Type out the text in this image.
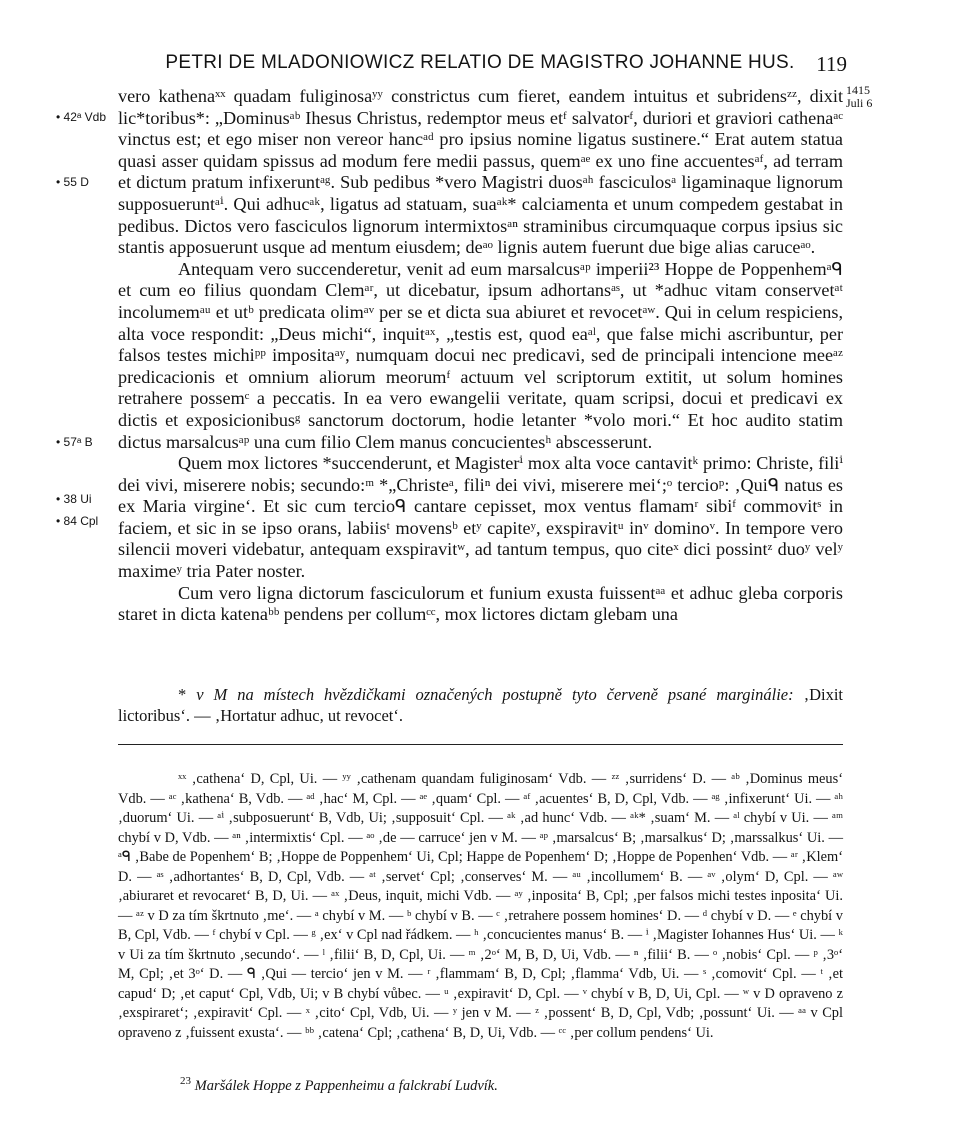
PETRI DE MLADONIOWICZ RELATIO DE MAGISTRO JOHANNE HUS.	119
1415
Juli 6
• 42ᵃ Vdb
• 55 D
• 57ᵃ B
• 38 Ui
• 84 Cpl

vero kathenaˣˣ quadam fuliginosaʸʸ constrictus cum fieret, eandem intuitus et subridensᶻᶻ, dixit lic*toribus*: „Dominusᵃᵇ Ihesus Christus, redemptor meus etᶠ salvatorᶠ, duriori et graviori cathenaᵃᶜ vinctus est; et ego miser non vereor hancᵃᵈ pro ipsius nomine ligatus sustinere.“ Erat autem statua quasi asser quidam spissus ad modum fere medii passus, quemᵃᵉ ex uno fine accuentesᵃᶠ, ad terram et dictum pratum infixeruntᵃᵍ. Sub pedibus *vero Magistri duosᵃʰ fasciculosᵃ ligaminaque lignorum supposueruntᵃⁱ. Qui adhucᵃᵏ, ligatus ad statuam, suaᵃᵏ* calciamenta et unum compedem gestabat in pedibus. Dictos vero fasciculos lignorum intermixtosᵃⁿ straminibus circumquaque corpus ipsius sic stantis apposuerunt usque ad mentum eiusdem; deᵃᵒ lignis autem fuerunt due bige alias caruceᵃᵒ.

Antequam vero succenderetur, venit ad eum marsalcusᵃᵖ imperii²³ Hoppe de Poppenhemᵃᑫ et cum eo filius quondam Clemᵃʳ, ut dicebatur, ipsum adhortansᵃˢ, ut *adhuc vitam conservetᵃᵗ incolumemᵃᵘ et utᵇ predicata olimᵃᵛ per se et dicta sua abiuret et revocetᵃʷ. Qui in celum respiciens, alta voce respondit: „Deus michi“, inquitᵃˣ, „testis est, quod eaᵃˡ, que false michi ascribuntur, per falsos testes michiᵖᵖ impositaᵃʸ, numquam docui nec predicavi, sed de principali intencione meeᵃᶻ predicacionis et omnium aliorum meorumᶠ actuum vel scriptorum extitit, ut solum homines retrahere possemᶜ a peccatis. In ea vero ewangelii veritate, quam scripsi, docui et predicavi ex dictis et exposicionibusᵍ sanctorum doctorum, hodie letanter *volo mori.“ Et hoc audito statim dictus marsalcusᵃᵖ una cum filio Clem manus concucientesʰ abscesserunt.

Quem mox lictores *succenderunt, et Magisterⁱ mox alta voce cantavitᵏ primo: Christe, filiⁱ dei vivi, miserere nobis; secundo:ᵐ *„Christeᵃ, filiⁿ dei vivi, miserere mei‘;ᵒ tercioᵖ: ‚Quiᑫ natus es ex Maria virgine‘. Et sic cum tercioᑫ cantare cepisset, mox ventus flamamʳ sibiᶠ commovitˢ in faciem, et sic in se ipso orans, labiisᵗ movensᵇ etʸ capiteʸ, exspiravitᵘ inᵛ dominoᵛ. In tempore vero silencii moveri videbatur, antequam exspiravitʷ, ad tantum tempus, quo citeˣ dici possintᶻ duoʸ velʸ maximeʸ tria Pater noster.

Cum vero ligna dictorum fasciculorum et funium exusta fuissentᵃᵃ et adhuc gleba corporis staret in dicta katenaᵇᵇ pendens per collumᶜᶜ, mox lictores dictam glebam una

* v M na místech hvězdičkami označených postupně tyto červeně psané marginálie: ‚Dixit lictoribus‘. — ‚Hortatur adhuc, ut revocet‘.
ˣˣ ‚cathena‘ D, Cpl, Ui. — ʸʸ ‚cathenam quandam fuliginosam‘ Vdb. — ᶻᶻ ‚surridens‘ D. — ᵃᵇ ‚Dominus meus‘ Vdb. — ᵃᶜ ‚kathena‘ B, Vdb. — ᵃᵈ ‚hac‘ M, Cpl. — ᵃᵉ ‚quam‘ Cpl. — ᵃᶠ ‚acuentes‘ B, D, Cpl, Vdb. — ᵃᵍ ‚infixerunt‘ Ui. — ᵃʰ ‚duorum‘ Ui. — ᵃⁱ ‚subposuerunt‘ B, Vdb, Ui; ‚supposuit‘ Cpl. — ᵃᵏ ‚ad hunc‘ Vdb. — ᵃᵏ* ‚suam‘ M. — ᵃˡ chybí v Ui. — ᵃᵐ chybí v D, Vdb. — ᵃⁿ ‚intermixtis‘ Cpl. — ᵃᵒ ‚de — carruce‘ jen v M. — ᵃᵖ ‚marsalcus‘ B; ‚marsalkus‘ D; ‚marssalkus‘ Ui. — ᵃᑫ ‚Babe de Popenhem‘ B; ‚Hoppe de Poppenhem‘ Ui, Cpl; Happe de Popenhem‘ D; ‚Hoppe de Popenhen‘ Vdb. — ᵃʳ ‚Klem‘ D. — ᵃˢ ‚adhortantes‘ B, D, Cpl, Vdb. — ᵃᵗ ‚servet‘ Cpl; ‚conserves‘ M. — ᵃᵘ ‚incollumem‘ B. — ᵃᵛ ‚olym‘ D, Cpl. — ᵃʷ ‚abiuraret et revocaret‘ B, D, Ui. — ᵃˣ ‚Deus, inquit, michi Vdb. — ᵃʸ ‚inposita‘ B, Cpl; ‚per falsos michi testes inposita‘ Ui. — ᵃᶻ v D za tím škrtnuto ‚me‘. — ᵃ chybí v M. — ᵇ chybí v B. — ᶜ ‚retrahere possem homines‘ D. — ᵈ chybí v D. — ᵉ chybí v B, Cpl, Vdb. — ᶠ chybí v Cpl. — ᵍ ‚ex‘ v Cpl nad řádkem. — ʰ ‚concucientes manus‘ B. — ⁱ ‚Magister Iohannes Hus‘ Ui. — ᵏ v Ui za tím škrtnuto ‚secundo‘. — ˡ ‚filii‘ B, D, Cpl, Ui. — ᵐ ‚2ᵒ‘ M, B, D, Ui, Vdb. — ⁿ ‚filii‘ B. — ᵒ ‚nobis‘ Cpl. — ᵖ ‚3ᵒ‘ M, Cpl; ‚et 3ᵒ‘ D. — ᑫ ‚Qui — tercio‘ jen v M. — ʳ ‚flammam‘ B, D, Cpl; ‚flamma‘ Vdb, Ui. — ˢ ‚comovit‘ Cpl. — ᵗ ‚et capud‘ D; ‚et caput‘ Cpl, Vdb, Ui; v B chybí vůbec. — ᵘ ‚expiravit‘ D, Cpl. — ᵛ chybí v B, D, Ui, Cpl. — ʷ v D opraveno z ‚exspiraret‘; ‚expiravit‘ Cpl. — ˣ ‚cito‘ Cpl, Vdb, Ui. — ʸ jen v M. — ᶻ ‚possent‘ B, D, Cpl, Vdb; ‚possunt‘ Ui. — ᵃᵃ v Cpl opraveno z ‚fuissent exusta‘. — ᵇᵇ ‚catena‘ Cpl; ‚cathena‘ B, D, Ui, Vdb. — ᶜᶜ ‚per collum pendens‘ Ui.
$^{23}$ Maršálek Hoppe z Pappenheimu a falckrabí Ludvík.
